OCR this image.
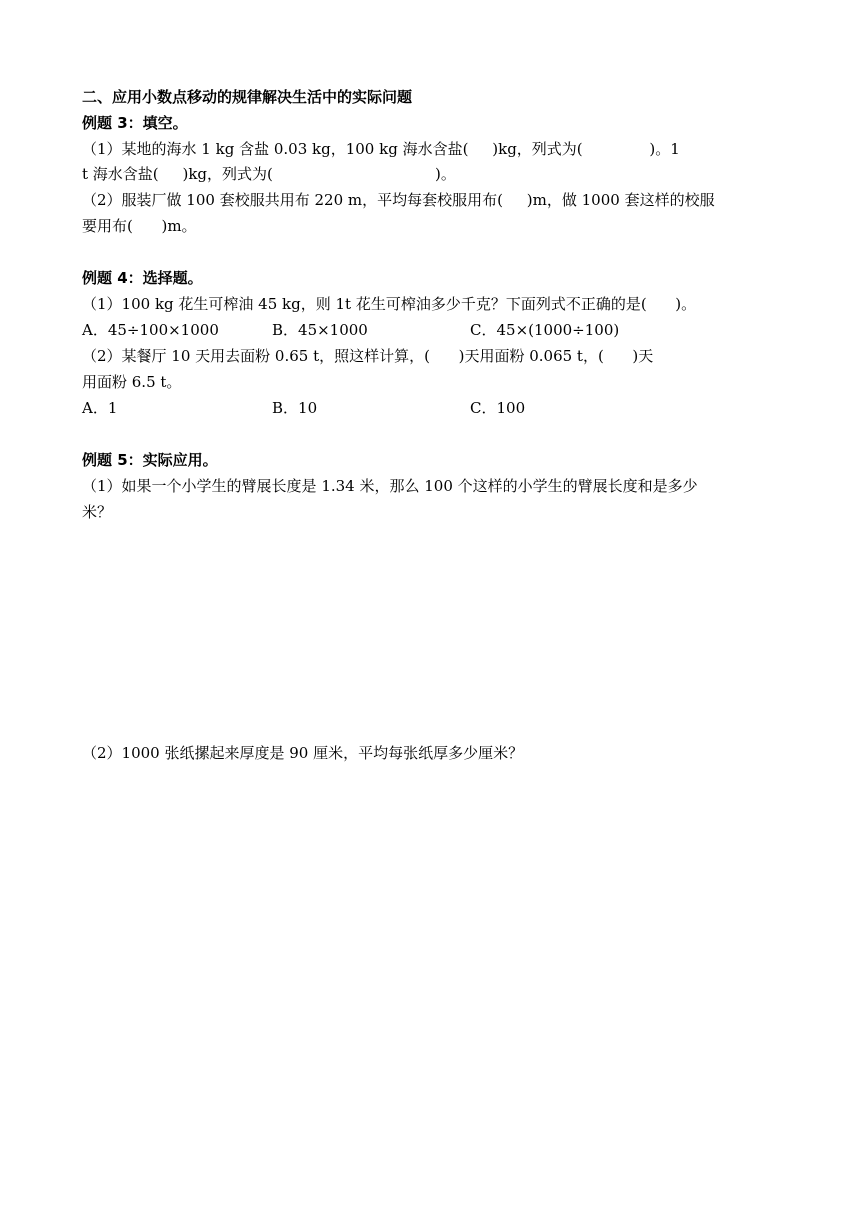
二、应用小数点移动的规律解决生活中的实际问题
例题 3：填空。
（1）某地的海水 1 kg 含盐 0.03 kg，100 kg 海水含盐(     )kg，列式为(              )。1
t 海水含盐(     )kg，列式为(                                  )。
（2）服装厂做 100 套校服共用布 220 m，平均每套校服用布(     )m，做 1000 套这样的校服
要用布(      )m。
例题 4：选择题。
（1）100 kg 花生可榨油 45 kg，则 1t 花生可榨油多少千克？下面列式不正确的是(      )。
A．45÷100×1000	B．45×1000	C．45×(1000÷100)
（2）某餐厅 10 天用去面粉 0.65 t，照这样计算，(      )天用面粉 0.065 t，(      )天
用面粉 6.5 t。
A．1	B．10	C．100
例题 5：实际应用。
（1）如果一个小学生的臂展长度是 1.34 米，那么 100 个这样的小学生的臂展长度和是多少
米？
（2）1000 张纸摞起来厚度是 90 厘米，平均每张纸厚多少厘米？
